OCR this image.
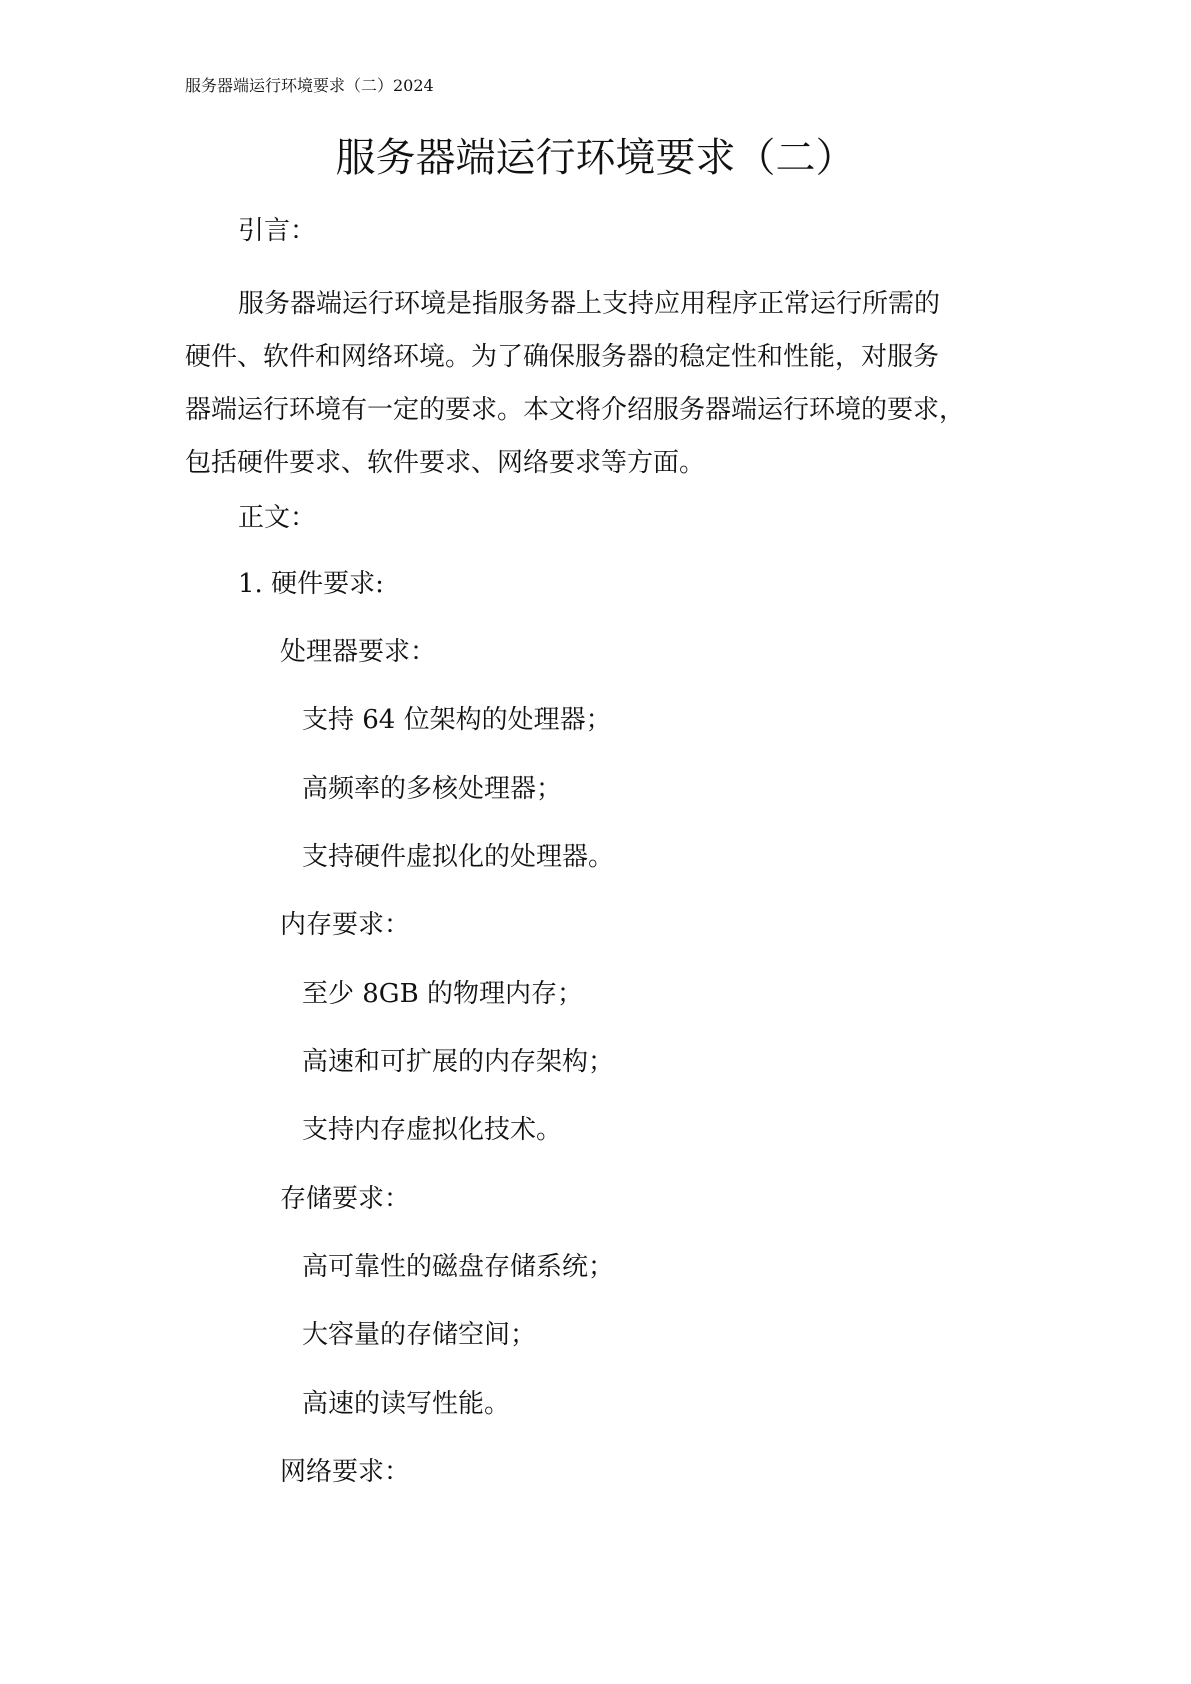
服务器端运行环境要求（二）2024
服务器端运行环境要求（二）
引言：
服务器端运行环境是指服务器上支持应用程序正常运行所需的
硬件、软件和网络环境。为了确保服务器的稳定性和性能，对服务
器端运行环境有一定的要求。本文将介绍服务器端运行环境的要求，
包括硬件要求、软件要求、网络要求等方面。
正文：
1. 硬件要求:
处理器要求：
支持 64 位架构的处理器；
高频率的多核处理器；
支持硬件虚拟化的处理器。
内存要求：
至少 8GB 的物理内存；
高速和可扩展的内存架构；
支持内存虚拟化技术。
存储要求：
高可靠性的磁盘存储系统；
大容量的存储空间；
高速的读写性能。
网络要求：
